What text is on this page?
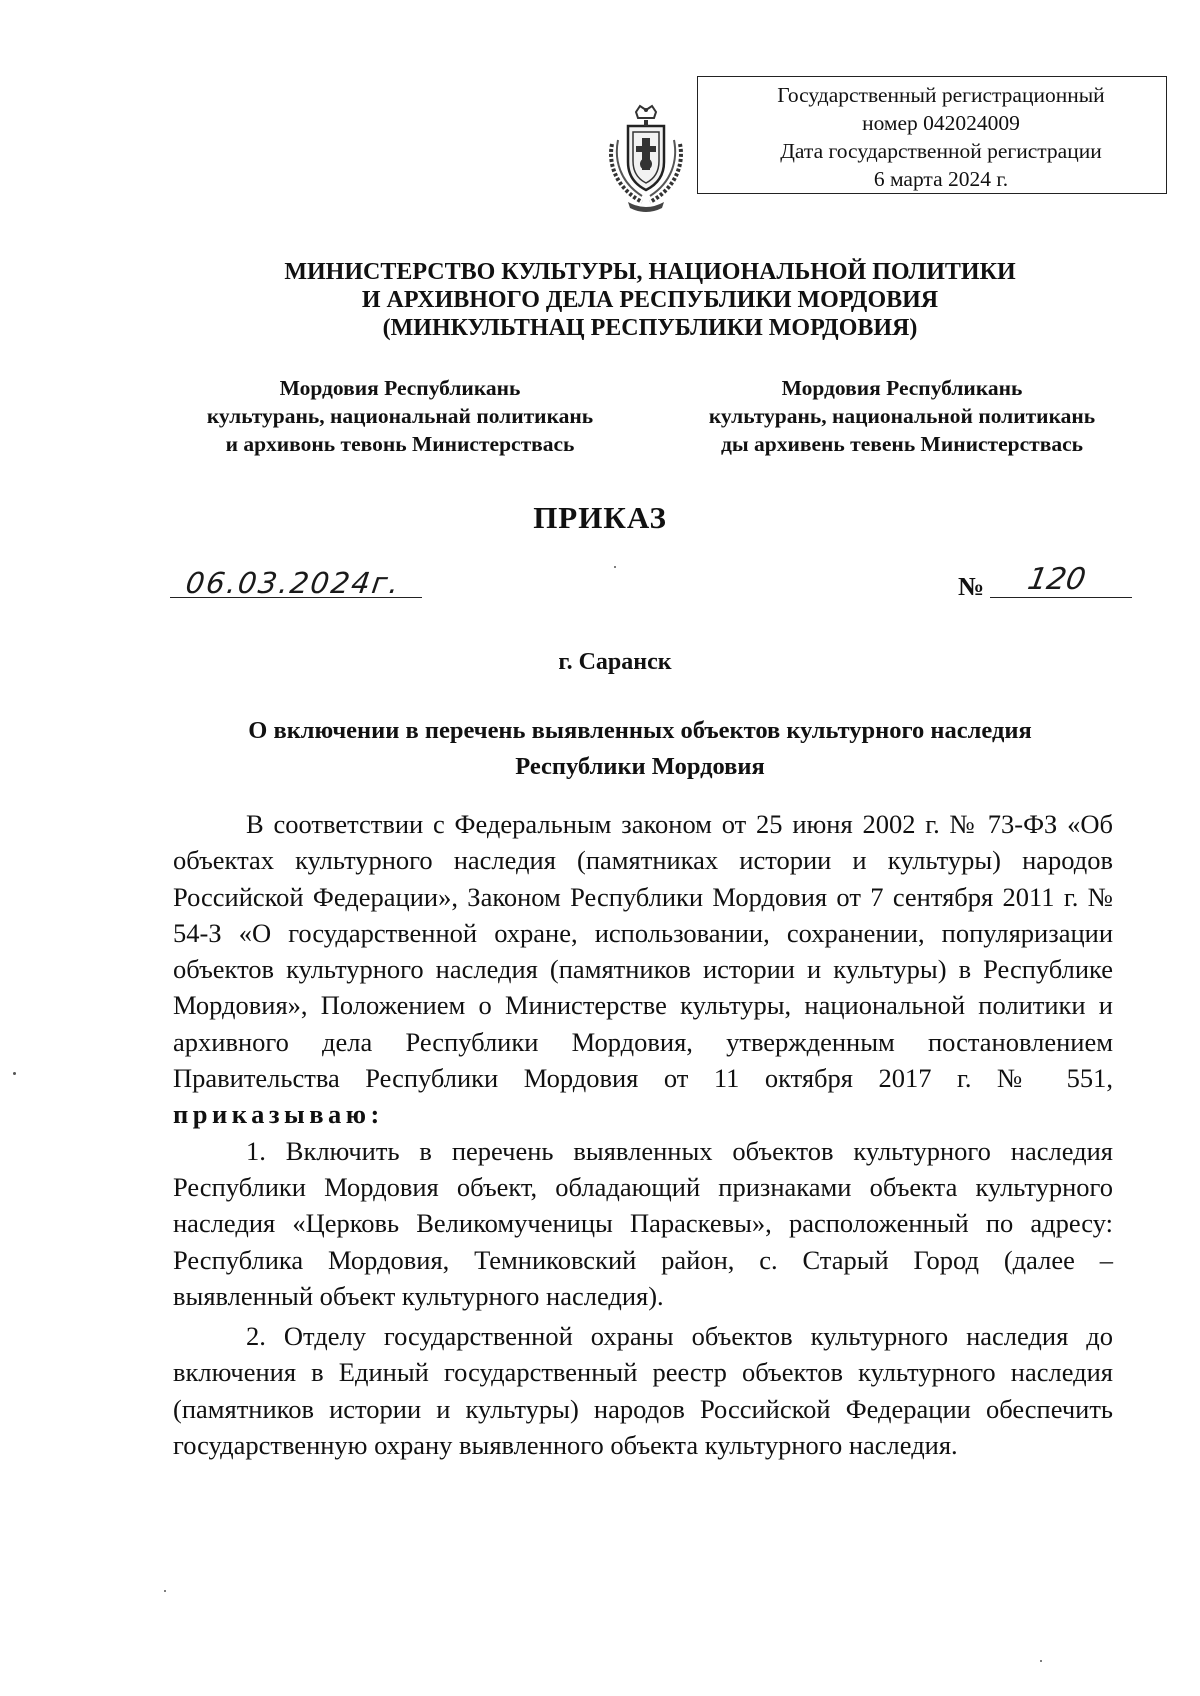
Государственный регистрационный
номер 042024009
Дата государственной регистрации
6 марта 2024 г.
МИНИСТЕРСТВО КУЛЬТУРЫ, НАЦИОНАЛЬНОЙ ПОЛИТИКИ
И АРХИВНОГО ДЕЛА РЕСПУБЛИКИ МОРДОВИЯ
(МИНКУЛЬТНАЦ РЕСПУБЛИКИ МОРДОВИЯ)
Мордовия Республикань
культурань, национальнай политикань
и архивонь тевонь Министерствась
Мордовия Республикань
культурань, национальной политикань
ды архивень тевень Министерствась
ПРИКАЗ
06.03.2024г.	№ 120
г. Саранск
О включении в перечень выявленных объектов культурного наследия
Республики Мордовия

В соответствии с Федеральным законом от 25 июня 2002 г. № 73-ФЗ «Об объектах культурного наследия (памятниках истории и культуры) народов Российской Федерации», Законом Республики Мордовия от 7 сентября 2011 г. № 54-З «О государственной охране, использовании, сохранении, популяризации объектов культурного наследия (памятников истории и культуры) в Республике Мордовия», Положением о Министерстве культуры, национальной политики и архивного дела Республики Мордовия, утвержденным постановлением Правительства Республики Мордовия от 11 октября 2017 г. № 551, приказываю:

1. Включить в перечень выявленных объектов культурного наследия Республики Мордовия объект, обладающий признаками объекта культурного наследия «Церковь Великомученицы Параскевы», расположенный по адресу: Республика Мордовия, Темниковский район, с. Старый Город (далее – выявленный объект культурного наследия).

2. Отделу государственной охраны объектов культурного наследия до включения в Единый государственный реестр объектов культурного наследия (памятников истории и культуры) народов Российской Федерации обеспечить государственную охрану выявленного объекта культурного наследия.
